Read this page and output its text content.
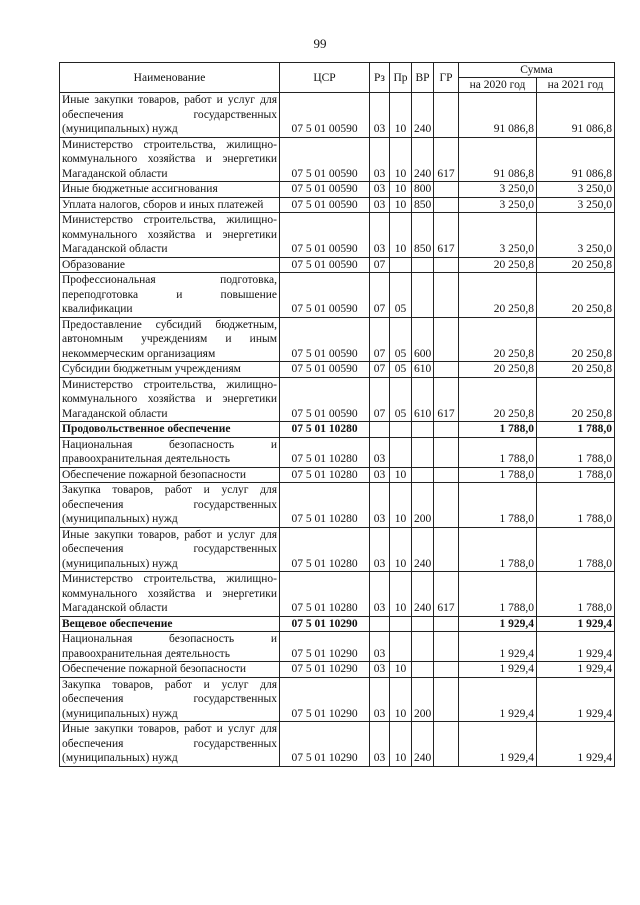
99
Наименование	ЦСР	Рз	Пр	ВР	ГР	Сумма	
						на 2020 год	на 2021 год
Иные закупки товаров, работ и услуг для обеспечения государственных (муниципальных) нужд	07 5 01 00590	03	10	240		91 086,8	91 086,8
Министерство строительства, жилищно-коммунального хозяйства и энергетики Магаданской области	07 5 01 00590	03	10	240	617	91 086,8	91 086,8
Иные бюджетные ассигнования	07 5 01 00590	03	10	800		3 250,0	3 250,0
Уплата налогов, сборов и иных платежей	07 5 01 00590	03	10	850		3 250,0	3 250,0
Министерство строительства, жилищно-коммунального хозяйства и энергетики Магаданской области	07 5 01 00590	03	10	850	617	3 250,0	3 250,0
Образование	07 5 01 00590	07				20 250,8	20 250,8
Профессиональная подготовка, переподготовка и повышение квалификации	07 5 01 00590	07	05			20 250,8	20 250,8
Предоставление субсидий бюджетным, автономным учреждениям и иным некоммерческим организациям	07 5 01 00590	07	05	600		20 250,8	20 250,8
Субсидии бюджетным учреждениям	07 5 01 00590	07	05	610		20 250,8	20 250,8
Министерство строительства, жилищно-коммунального хозяйства и энергетики Магаданской области	07 5 01 00590	07	05	610	617	20 250,8	20 250,8
Продовольственное обеспечение	07 5 01 10280					1 788,0	1 788,0
Национальная безопасность и правоохранительная деятельность	07 5 01 10280	03				1 788,0	1 788,0
Обеспечение пожарной безопасности	07 5 01 10280	03	10			1 788,0	1 788,0
Закупка товаров, работ и услуг для обеспечения государственных (муниципальных) нужд	07 5 01 10280	03	10	200		1 788,0	1 788,0
Иные закупки товаров, работ и услуг для обеспечения государственных (муниципальных) нужд	07 5 01 10280	03	10	240		1 788,0	1 788,0
Министерство строительства, жилищно-коммунального хозяйства и энергетики Магаданской области	07 5 01 10280	03	10	240	617	1 788,0	1 788,0
Вещевое обеспечение	07 5 01 10290					1 929,4	1 929,4
Национальная безопасность и правоохранительная деятельность	07 5 01 10290	03				1 929,4	1 929,4
Обеспечение пожарной безопасности	07 5 01 10290	03	10			1 929,4	1 929,4
Закупка товаров, работ и услуг для обеспечения государственных (муниципальных) нужд	07 5 01 10290	03	10	200		1 929,4	1 929,4
Иные закупки товаров, работ и услуг для обеспечения государственных (муниципальных) нужд	07 5 01 10290	03	10	240		1 929,4	1 929,4
